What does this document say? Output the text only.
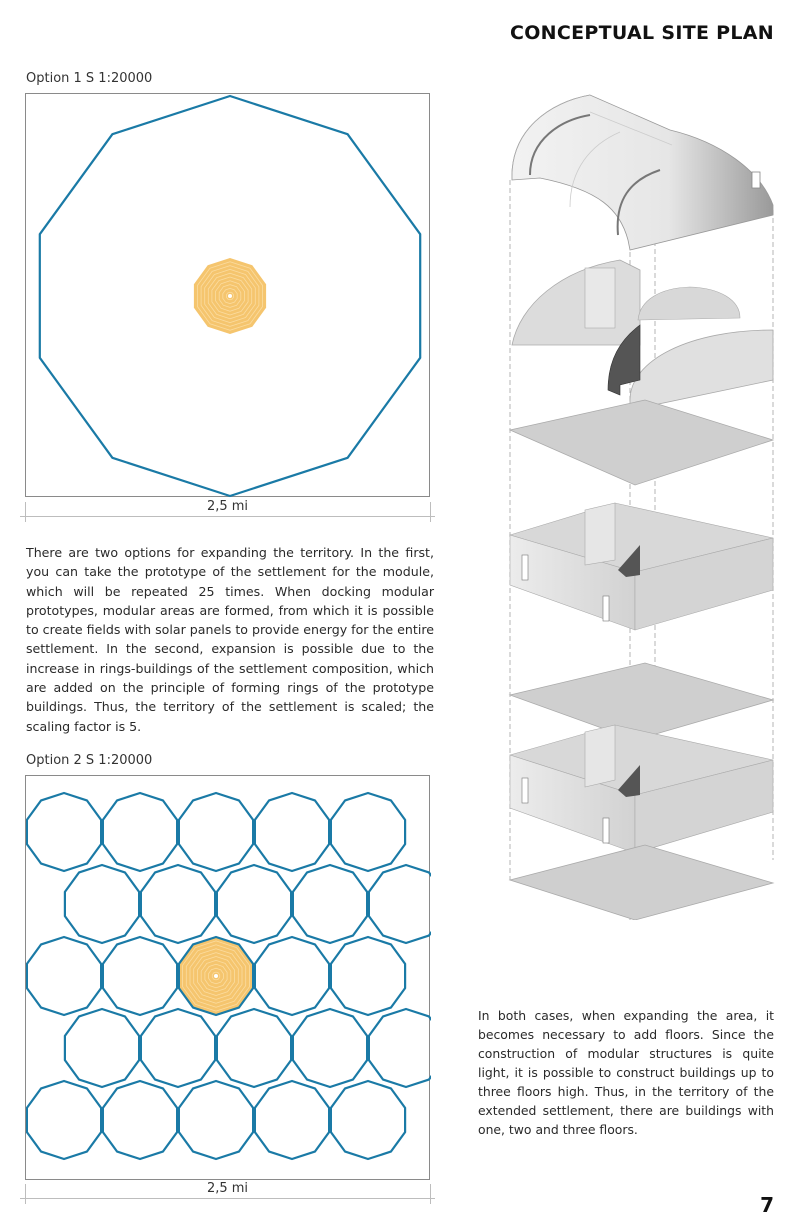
CONCEPTUAL SITE PLAN
Option 1 S 1:20000
2,5 mi
There are two options for expanding the territory. In the first, you can take the prototype of the settlement for the module, which will be repeated 25 times. When docking modular prototypes, modular areas are formed, from which it is possible to create fields with solar panels to provide energy for the entire settlement. In the second, expansion is possible due to the increase in rings-buildings of the settlement composition, which are added on the principle of forming rings of the prototype buildings. Thus, the territory of the settlement is scaled; the scaling factor is 5.
Option 2 S 1:20000
2,5 mi
In both cases, when expanding the area, it becomes necessary to add floors. Since the construction of modular structures is quite light, it is possible to construct buildings up to three floors high. Thus, in the territory of the extended settlement, there are buildings with one, two and three floors.
7
